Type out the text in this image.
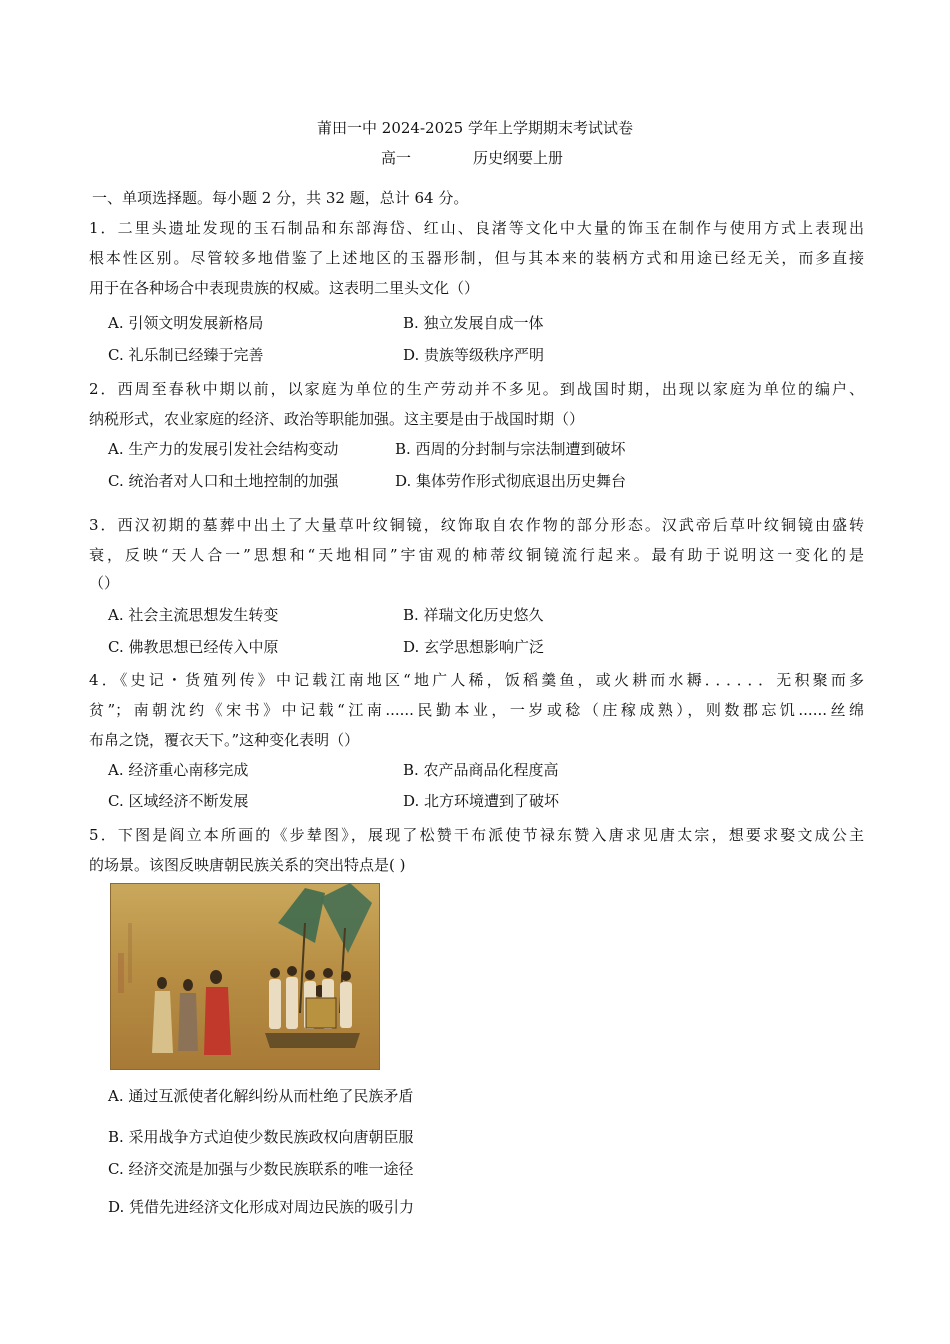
莆田一中 2024-2025 学年上学期期末考试试卷
高一	历史纲要上册
一、单项选择题。每小题 2 分，共 32 题，总计 64 分。
1．二里头遗址发现的玉石制品和东部海岱、红山、良渚等文化中大量的饰玉在制作与使用方式上表现出
根本性区别。尽管较多地借鉴了上述地区的玉器形制，但与其本来的装柄方式和用途已经无关，而多直接
用于在各种场合中表现贵族的权威。这表明二里头文化（）
A. 引领文明发展新格局	B. 独立发展自成一体
C. 礼乐制已经臻于完善	D. 贵族等级秩序严明
2．西周至春秋中期以前，以家庭为单位的生产劳动并不多见。到战国时期，出现以家庭为单位的编户、
纳税形式，农业家庭的经济、政治等职能加强。这主要是由于战国时期（）
A. 生产力的发展引发社会结构变动	B. 西周的分封制与宗法制遭到破坏
C. 统治者对人口和土地控制的加强	D. 集体劳作形式彻底退出历史舞台
3．西汉初期的墓葬中出土了大量草叶纹铜镜，纹饰取自农作物的部分形态。汉武帝后草叶纹铜镜由盛转
衰，反映“天人合一”思想和“天地相同”宇宙观的柿蒂纹铜镜流行起来。最有助于说明这一变化的是
（）
A. 社会主流思想发生转变	B. 祥瑞文化历史悠久
C. 佛教思想已经传入中原	D. 玄学思想影响广泛
4．《史记・货殖列传》中记载江南地区“地广人稀，饭稻羹鱼，或火耕而水耨．．．．．．无积聚而多
贫”；南朝沈约《宋书》中记载“江南......民勤本业，一岁或稔（庄稼成熟），则数郡忘饥......丝绵
布帛之饶，覆衣天下。”这种变化表明（）
A. 经济重心南移完成	B. 农产品商品化程度高
C. 区域经济不断发展	D. 北方环境遭到了破坏
5．下图是阎立本所画的《步辇图》，展现了松赞干布派使节禄东赞入唐求见唐太宗，想要求娶文成公主
的场景。该图反映唐朝民族关系的突出特点是( )
A. 通过互派使者化解纠纷从而杜绝了民族矛盾
B. 采用战争方式迫使少数民族政权向唐朝臣服
C. 经济交流是加强与少数民族联系的唯一途径
D. 凭借先进经济文化形成对周边民族的吸引力
